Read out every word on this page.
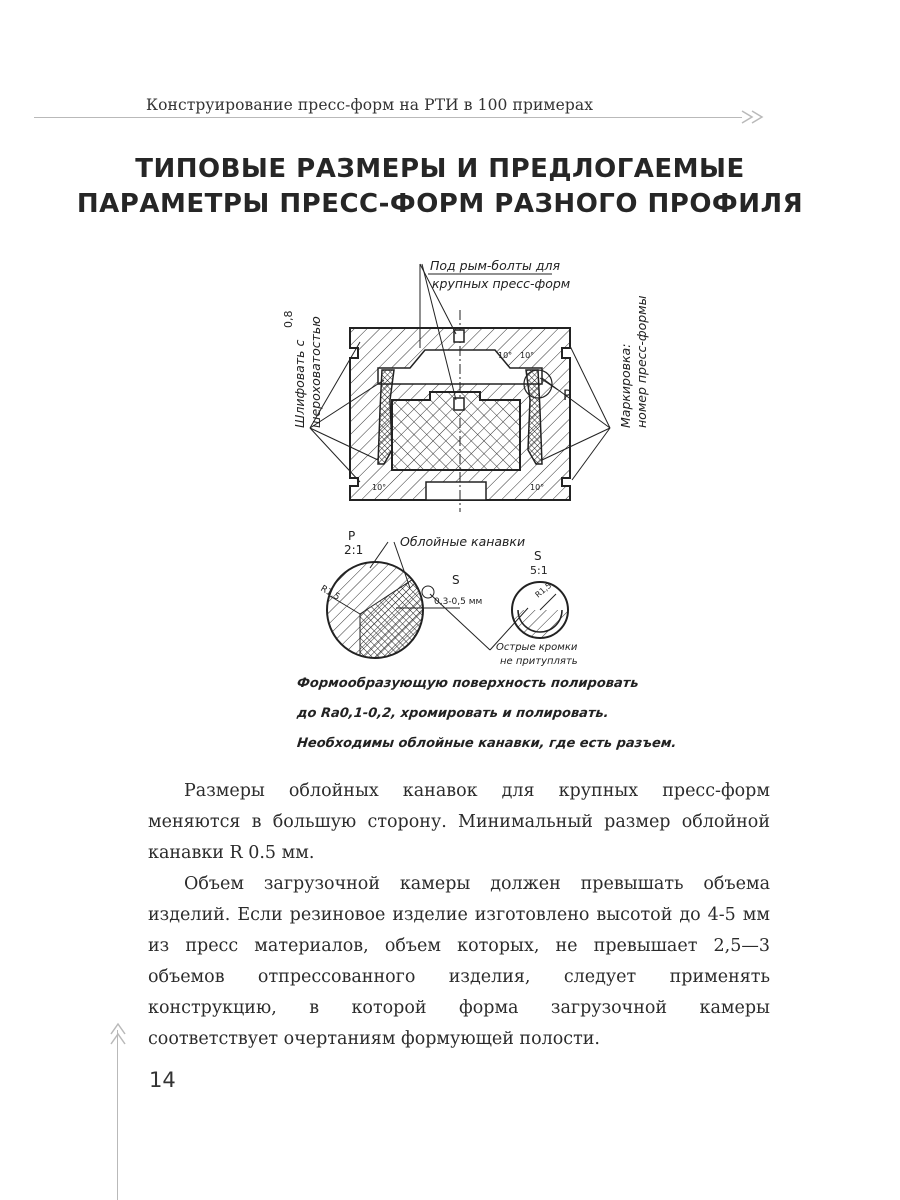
Конструирование пресс-форм на РТИ в 100 примерах
ТИПОВЫЕ РАЗМЕРЫ И ПРЕДЛОГАЕМЫЕ
ПАРАМЕТРЫ ПРЕСС-ФОРМ РАЗНОГО ПРОФИЛЯ
Под рым-болты для
крупных пресс-форм
Шлифовать с шероховатостью
0,8
Маркировка: номер пресс-формы
P
10° 10°
10°	10°
P
2:1
Облойные канавки
R1,5
S
0,3-0,5 мм
Острые кромки
не притуплять
S
5:1
R1,5

Формообразующую поверхность полировать

до Ra0,1-0,2, хромировать и полировать.

Необходимы облойные канавки, где есть разъем.

Размеры облойных канавок для крупных пресс-форм меняются в большую сторону. Минимальный размер облойной канавки R 0.5 мм.

Объем загрузочной камеры должен превышать объема изделий. Если резиновое изделие изготовлено высотой до 4-5 мм из пресс материалов, объем которых, не превышает 2,5—3 объемов отпрессованного изделия, следует применять конструкцию, в которой форма загрузочной камеры соответствует очертаниям формующей полости.

14
